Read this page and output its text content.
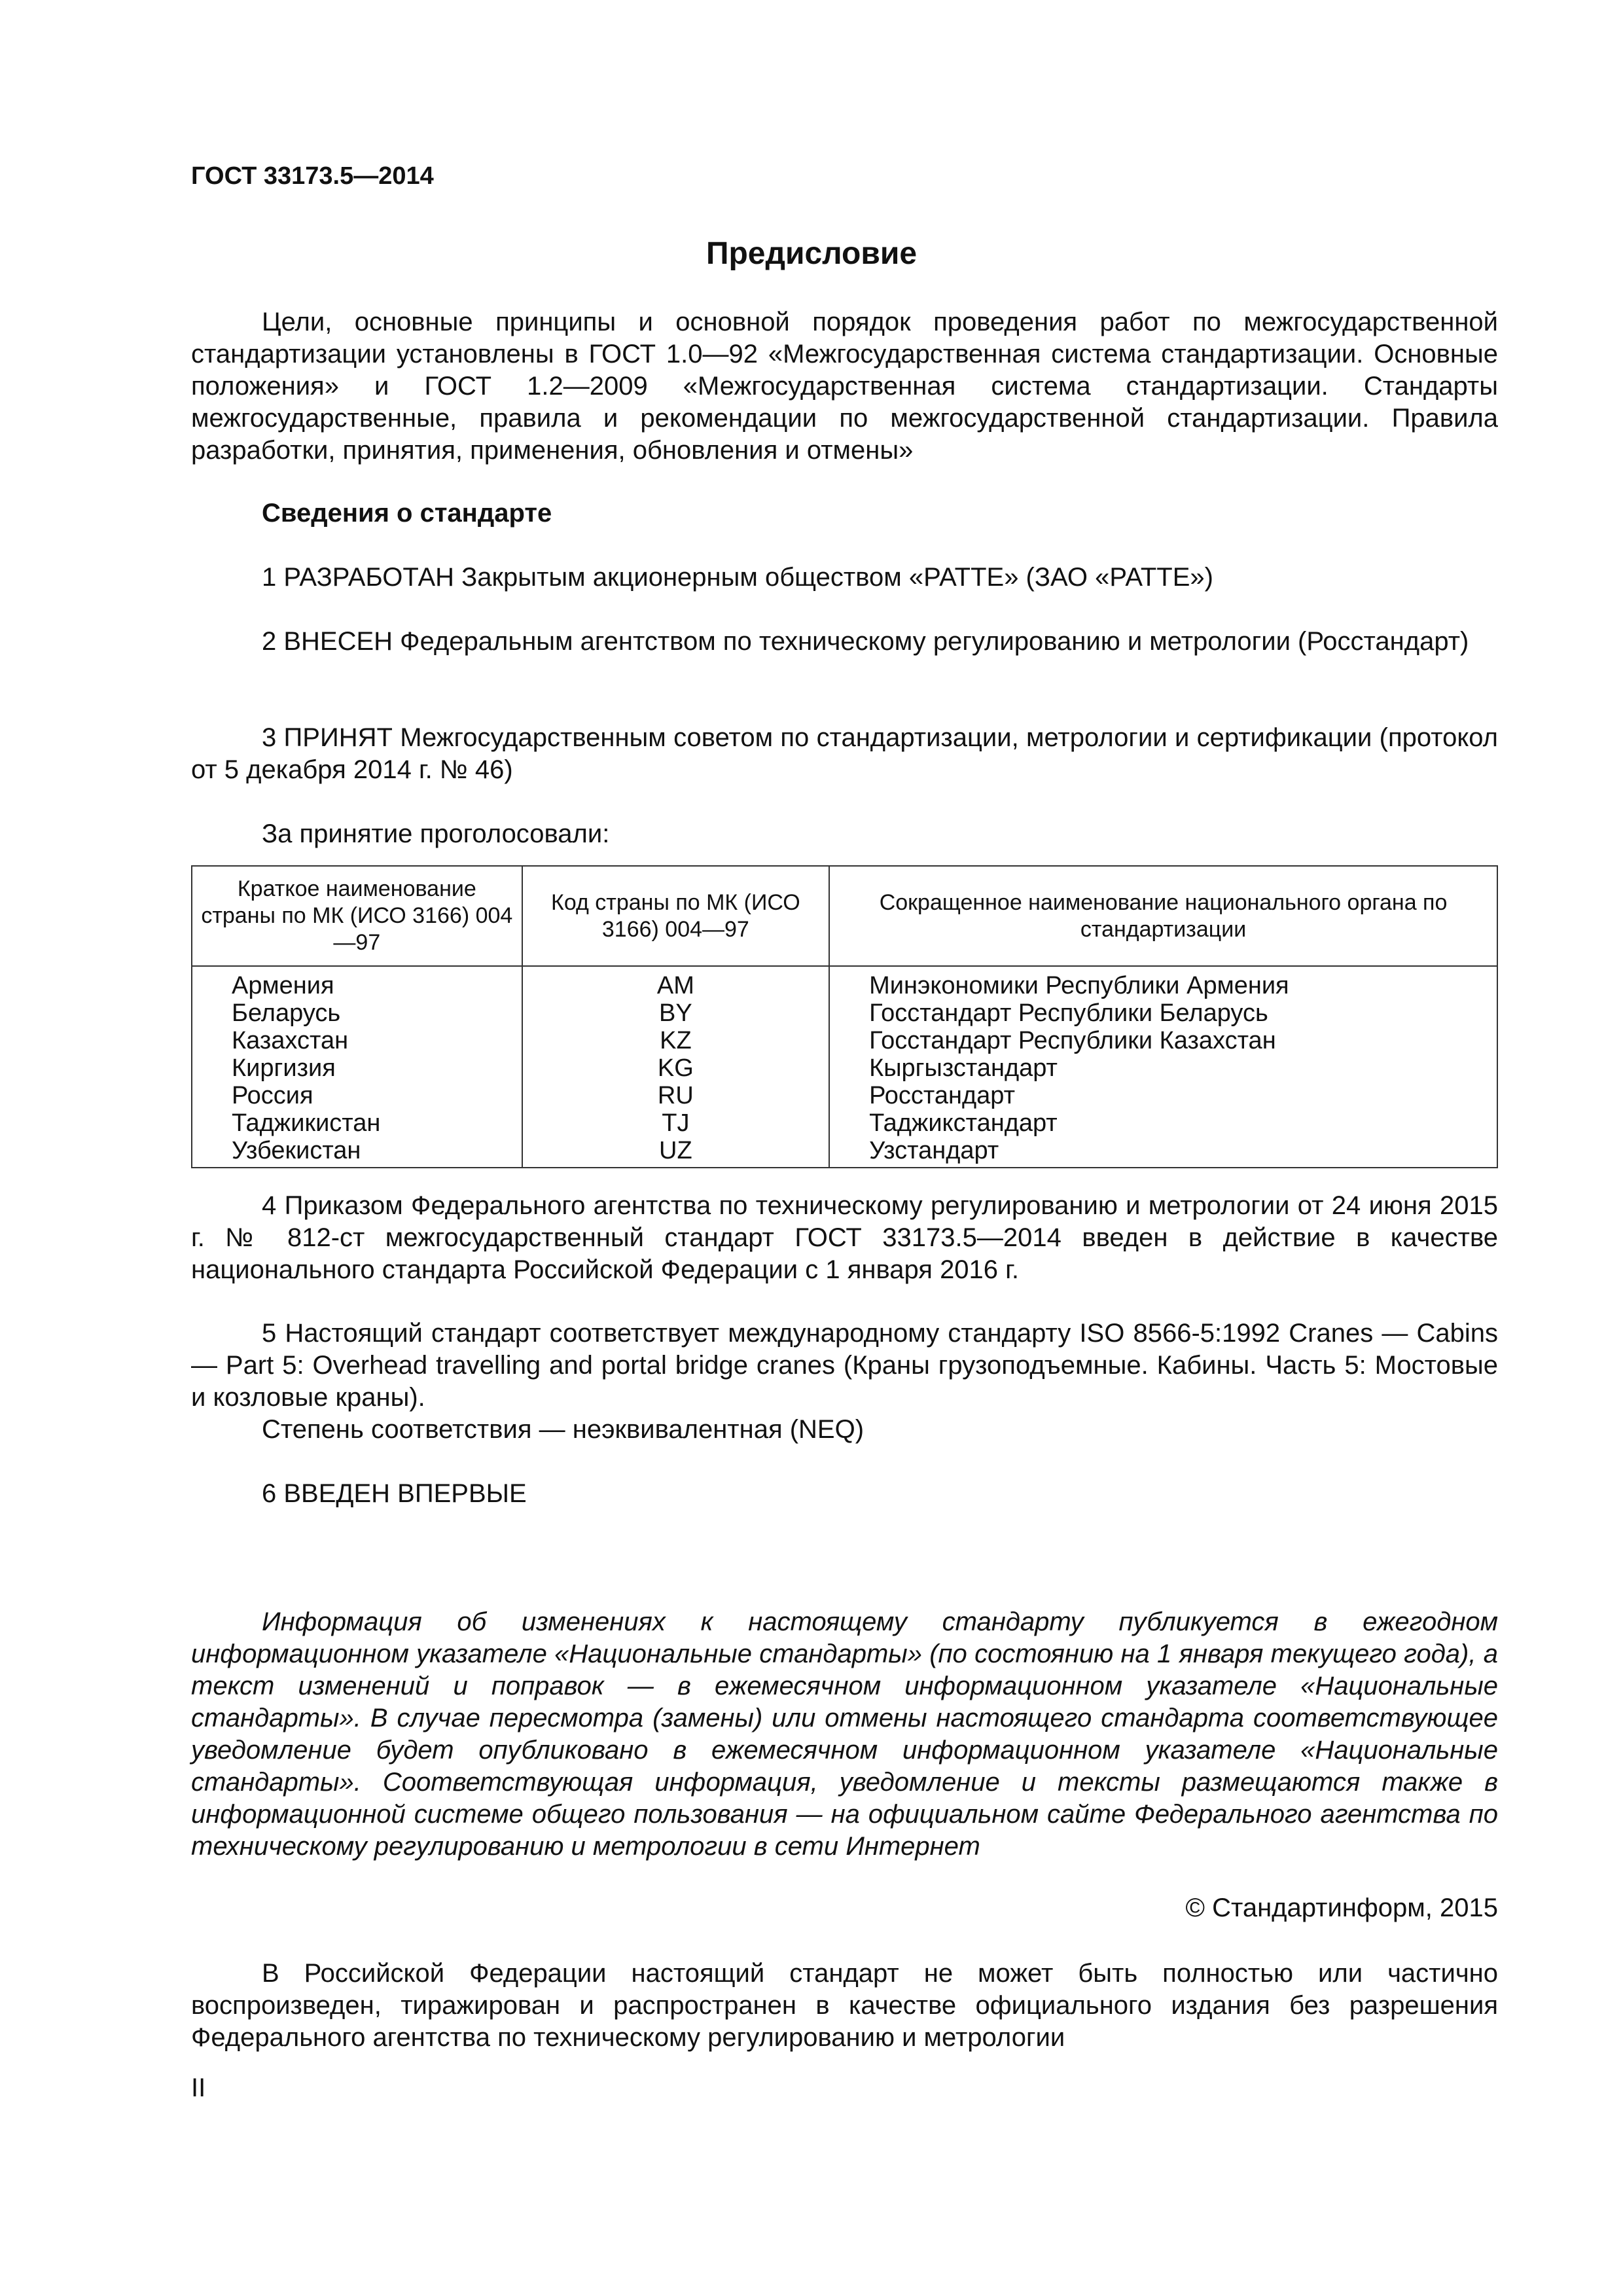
ГОСТ 33173.5—2014
Предисловие
Цели, основные принципы и основной порядок проведения работ по межгосударственной стандартизации установлены в ГОСТ 1.0—92 «Межгосударственная система стандартизации. Основные положения» и ГОСТ 1.2—2009 «Межгосударственная система стандартизации. Стандарты межгосударственные, правила и рекомендации по межгосударственной стандартизации. Правила разработки, принятия, применения, обновления и отмены»
Сведения о стандарте
1 РАЗРАБОТАН Закрытым акционерным обществом «РАТТЕ» (ЗАО «РАТТЕ»)
2 ВНЕСЕН Федеральным агентством по техническому регулированию и метрологии (Росстандарт)
3 ПРИНЯТ Межгосударственным советом по стандартизации, метрологии и сертификации (протокол от 5 декабря 2014 г. № 46)
За принятие проголосовали:
Краткое наименование страны по МК (ИСО 3166) 004—97	Код страны по МК (ИСО 3166) 004—97	Сокращенное наименование национального органа по стандартизации
Армения	AM	Минэкономики Республики Армения
Беларусь	BY	Госстандарт Республики Беларусь
Казахстан	KZ	Госстандарт Республики Казахстан
Киргизия	KG	Кыргызстандарт
Россия	RU	Росстандарт
Таджикистан	TJ	Таджикстандарт
Узбекистан	UZ	Узстандарт
4 Приказом Федерального агентства по техническому регулированию и метрологии от 24 июня 2015 г. № 812-ст межгосударственный стандарт ГОСТ 33173.5—2014 введен в действие в качестве национального стандарта Российской Федерации с 1 января 2016 г.
5 Настоящий стандарт соответствует международному стандарту ISO 8566-5:1992 Cranes — Cabins — Part 5: Overhead travelling and portal bridge cranes (Краны грузоподъемные. Кабины. Часть 5: Мостовые и козловые краны).
Степень соответствия — неэквивалентная (NEQ)
6 ВВЕДЕН ВПЕРВЫЕ
Информация об изменениях к настоящему стандарту публикуется в ежегодном информационном указателе «Национальные стандарты» (по состоянию на 1 января текущего года), а текст изменений и поправок — в ежемесячном информационном указателе «Национальные стандарты». В случае пересмотра (замены) или отмены настоящего стандарта соответствующее уведомление будет опубликовано в ежемесячном информационном указателе «Национальные стандарты». Соответствующая информация, уведомление и тексты размещаются также в информационной системе общего пользования — на официальном сайте Федерального агентства по техническому регулированию и метрологии в сети Интернет
© Стандартинформ, 2015
В Российской Федерации настоящий стандарт не может быть полностью или частично воспроизведен, тиражирован и распространен в качестве официального издания без разрешения Федерального агентства по техническому регулированию и метрологии
II
